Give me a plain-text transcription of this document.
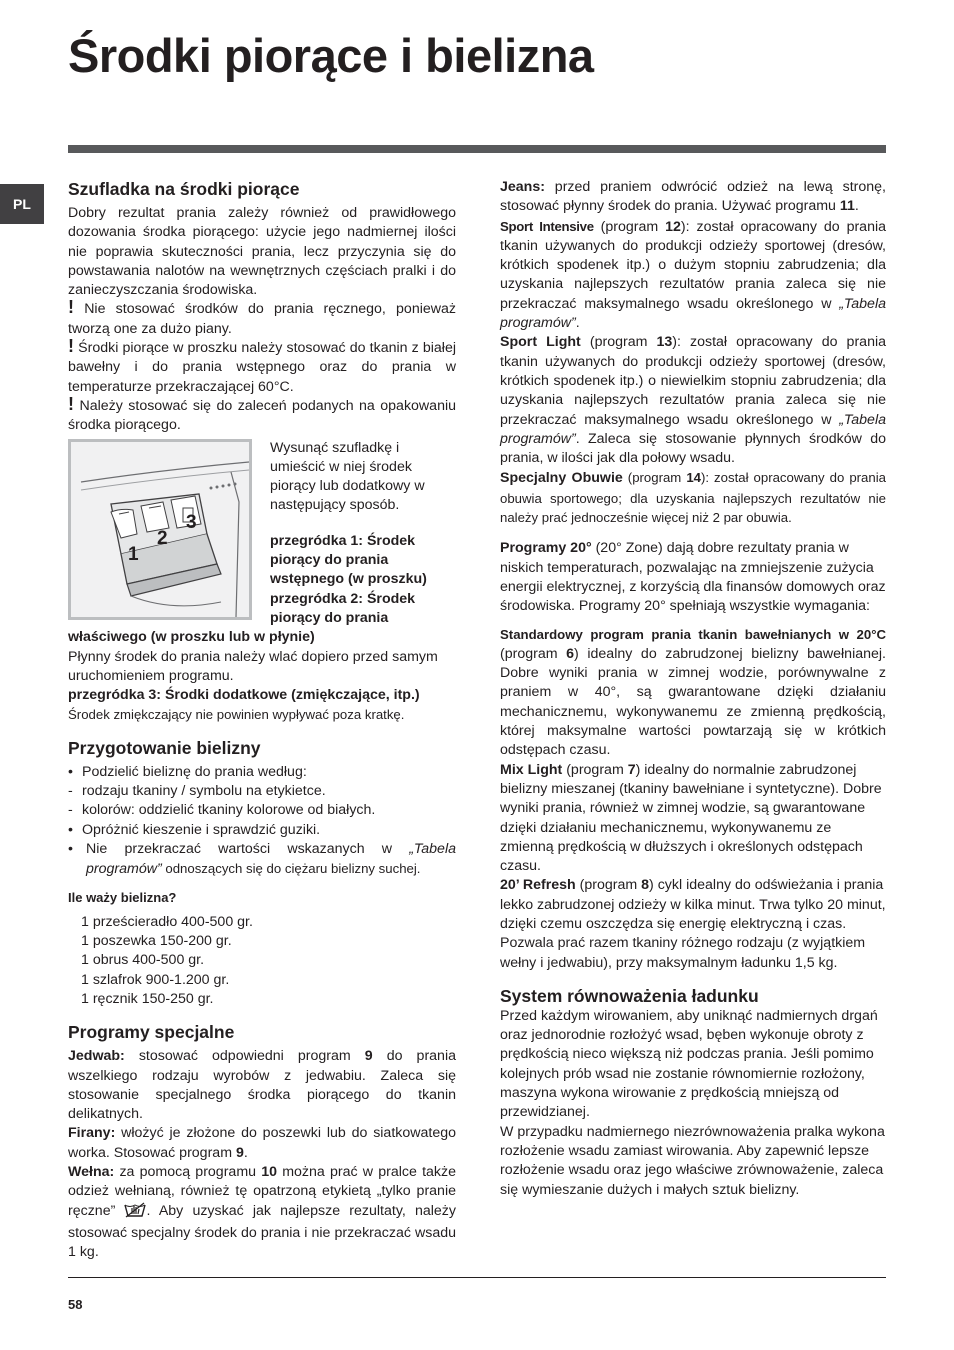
Środki piorące i bielizna
PL
Szufladka na środki piorące

Dobry rezultat prania zależy również od prawidłowego dozowania środka piorącego: użycie jego nadmiernej ilości nie poprawia skuteczności prania, lecz przyczynia się do powstawania nalotów na wewnętrznych częściach pralki i do zanieczyszczania środowiska.

! Nie stosować środków do prania ręcznego, ponieważ tworzą one za dużo piany.

! Środki piorące w proszku należy stosować do tkanin z białej bawełny i do prania wstępnego oraz do prania w temperaturze przekraczającej 60°C.

! Należy stosować się do zaleceń podanych na opakowaniu środka piorącego.

1
2
3

Wysunąć szufladkę i umieścić w niej środek piorący lub dodatkowy w następujący sposób.

przegródka 1: Środek piorący do prania wstępnego (w proszku)

przegródka 2: Środek piorący do prania

właściwego (w proszku lub w płynie)

Płynny środek do prania należy wlać dopiero przed samym uruchomieniem programu.

przegródka 3: Środki dodatkowe (zmiękczające, itp.)

Środek zmiękczający nie powinien wypływać poza kratkę.

Przygotowanie bielizny
• Podzielić bieliznę do prania według:
- rodzaju tkaniny / symbolu na etykietce.
- kolorów: oddzielić tkaniny kolorowe od białych.
• Opróżnić kieszenie i sprawdzić guziki.
• Nie przekraczać wartości wskazanych w „Tabela programów” odnoszących się do ciężaru bielizny suchej.

Ile waży bielizna?

1 prześcieradło 400-500 gr.

1 poszewka 150-200 gr.

1 obrus 400-500 gr.

1 szlafrok 900-1.200 gr.

1 ręcznik 150-250 gr.

Programy specjalne

Jedwab: stosować odpowiedni program 9 do prania wszelkiego rodzaju wyrobów z jedwabiu. Zaleca się stosowanie specjalnego środka piorącego do tkanin delikatnych.

Firany: włożyć je złożone do poszewki lub do siatkowatego worka. Stosować program 9.

Wełna: za pomocą programu 10 można prać w pralce także odzież wełnianą, również tę opatrzoną etykietą „tylko pranie ręczne” . Aby uzyskać jak najlepsze rezultaty, należy stosować specjalny środek do prania i nie przekraczać wsadu 1 kg.

Jeans: przed praniem odwrócić odzież na lewą stronę, stosować płynny środek do prania. Używać programu 11.

Sport Intensive (program 12): został opracowany do prania tkanin używanych do produkcji odzieży sportowej (dresów, krótkich spodenek itp.) o dużym stopniu zabrudzenia; dla uzyskania najlepszych rezultatów prania zaleca się nie przekraczać maksymalnego wsadu określonego w „Tabela programów”.

Sport Light (program 13): został opracowany do prania tkanin używanych do produkcji odzieży sportowej (dresów, krótkich spodenek itp.) o niewielkim stopniu zabrudzenia; dla uzyskania najlepszych rezultatów prania zaleca się nie przekraczać maksymalnego wsadu określonego w „Tabela programów”. Zaleca się stosowanie płynnych środków do prania, w ilości jak dla połowy wsadu.

Specjalny Obuwie (program 14): został opracowany do prania obuwia sportowego; dla uzyskania najlepszych rezultatów nie należy prać jednocześnie więcej niż 2 par obuwia.

Programy 20° (20° Zone) dają dobre rezultaty prania w niskich temperaturach, pozwalając na zmniejszenie zużycia energii elektrycznej, z korzyścią dla finansów domowych oraz środowiska. Programy 20° spełniają wszystkie wymagania:

Standardowy program prania tkanin bawełnianych w 20°C (program 6) idealny do zabrudzonej bielizny bawełnianej. Dobre wyniki prania w zimnej wodzie, porównywalne z praniem w 40°, są gwarantowane dzięki działaniu mechanicznemu, wykonywanemu ze zmienną prędkością, której maksymalne wartości powtarzają się w krótkich odstępach czasu.

Mix Light (program 7) idealny do normalnie zabrudzonej bielizny mieszanej (tkaniny bawełniane i syntetyczne). Dobre wyniki prania, również w zimnej wodzie, są gwarantowane dzięki działaniu mechanicznemu, wykonywanemu ze zmienną prędkością w dłuższych i określonych odstępach czasu.

20’ Refresh (program 8) cykl idealny do odświeżania i prania lekko zabrudzonej odzieży w kilka minut. Trwa tylko 20 minut, dzięki czemu oszczędza się energię elektryczną i czas. Pozwala prać razem tkaniny różnego rodzaju (z wyjątkiem wełny i jedwabiu), przy maksymalnym ładunku 1,5 kg.

System równoważenia ładunku

Przed każdym wirowaniem, aby uniknąć nadmiernych drgań oraz jednorodnie rozłożyć wsad, bęben wykonuje obroty z prędkością nieco większą niż podczas prania. Jeśli pomimo kolejnych prób wsad nie zostanie równomiernie rozłożony, maszyna wykona wirowanie z prędkością mniejszą od przewidzianej.

W przypadku nadmiernego niezrównoważenia pralka wykona rozłożenie wsadu zamiast wirowania. Aby zapewnić lepsze rozłożenie wsadu oraz jego właściwe zrównoważenie, zaleca się wymieszanie dużych i małych sztuk bielizny.

58
